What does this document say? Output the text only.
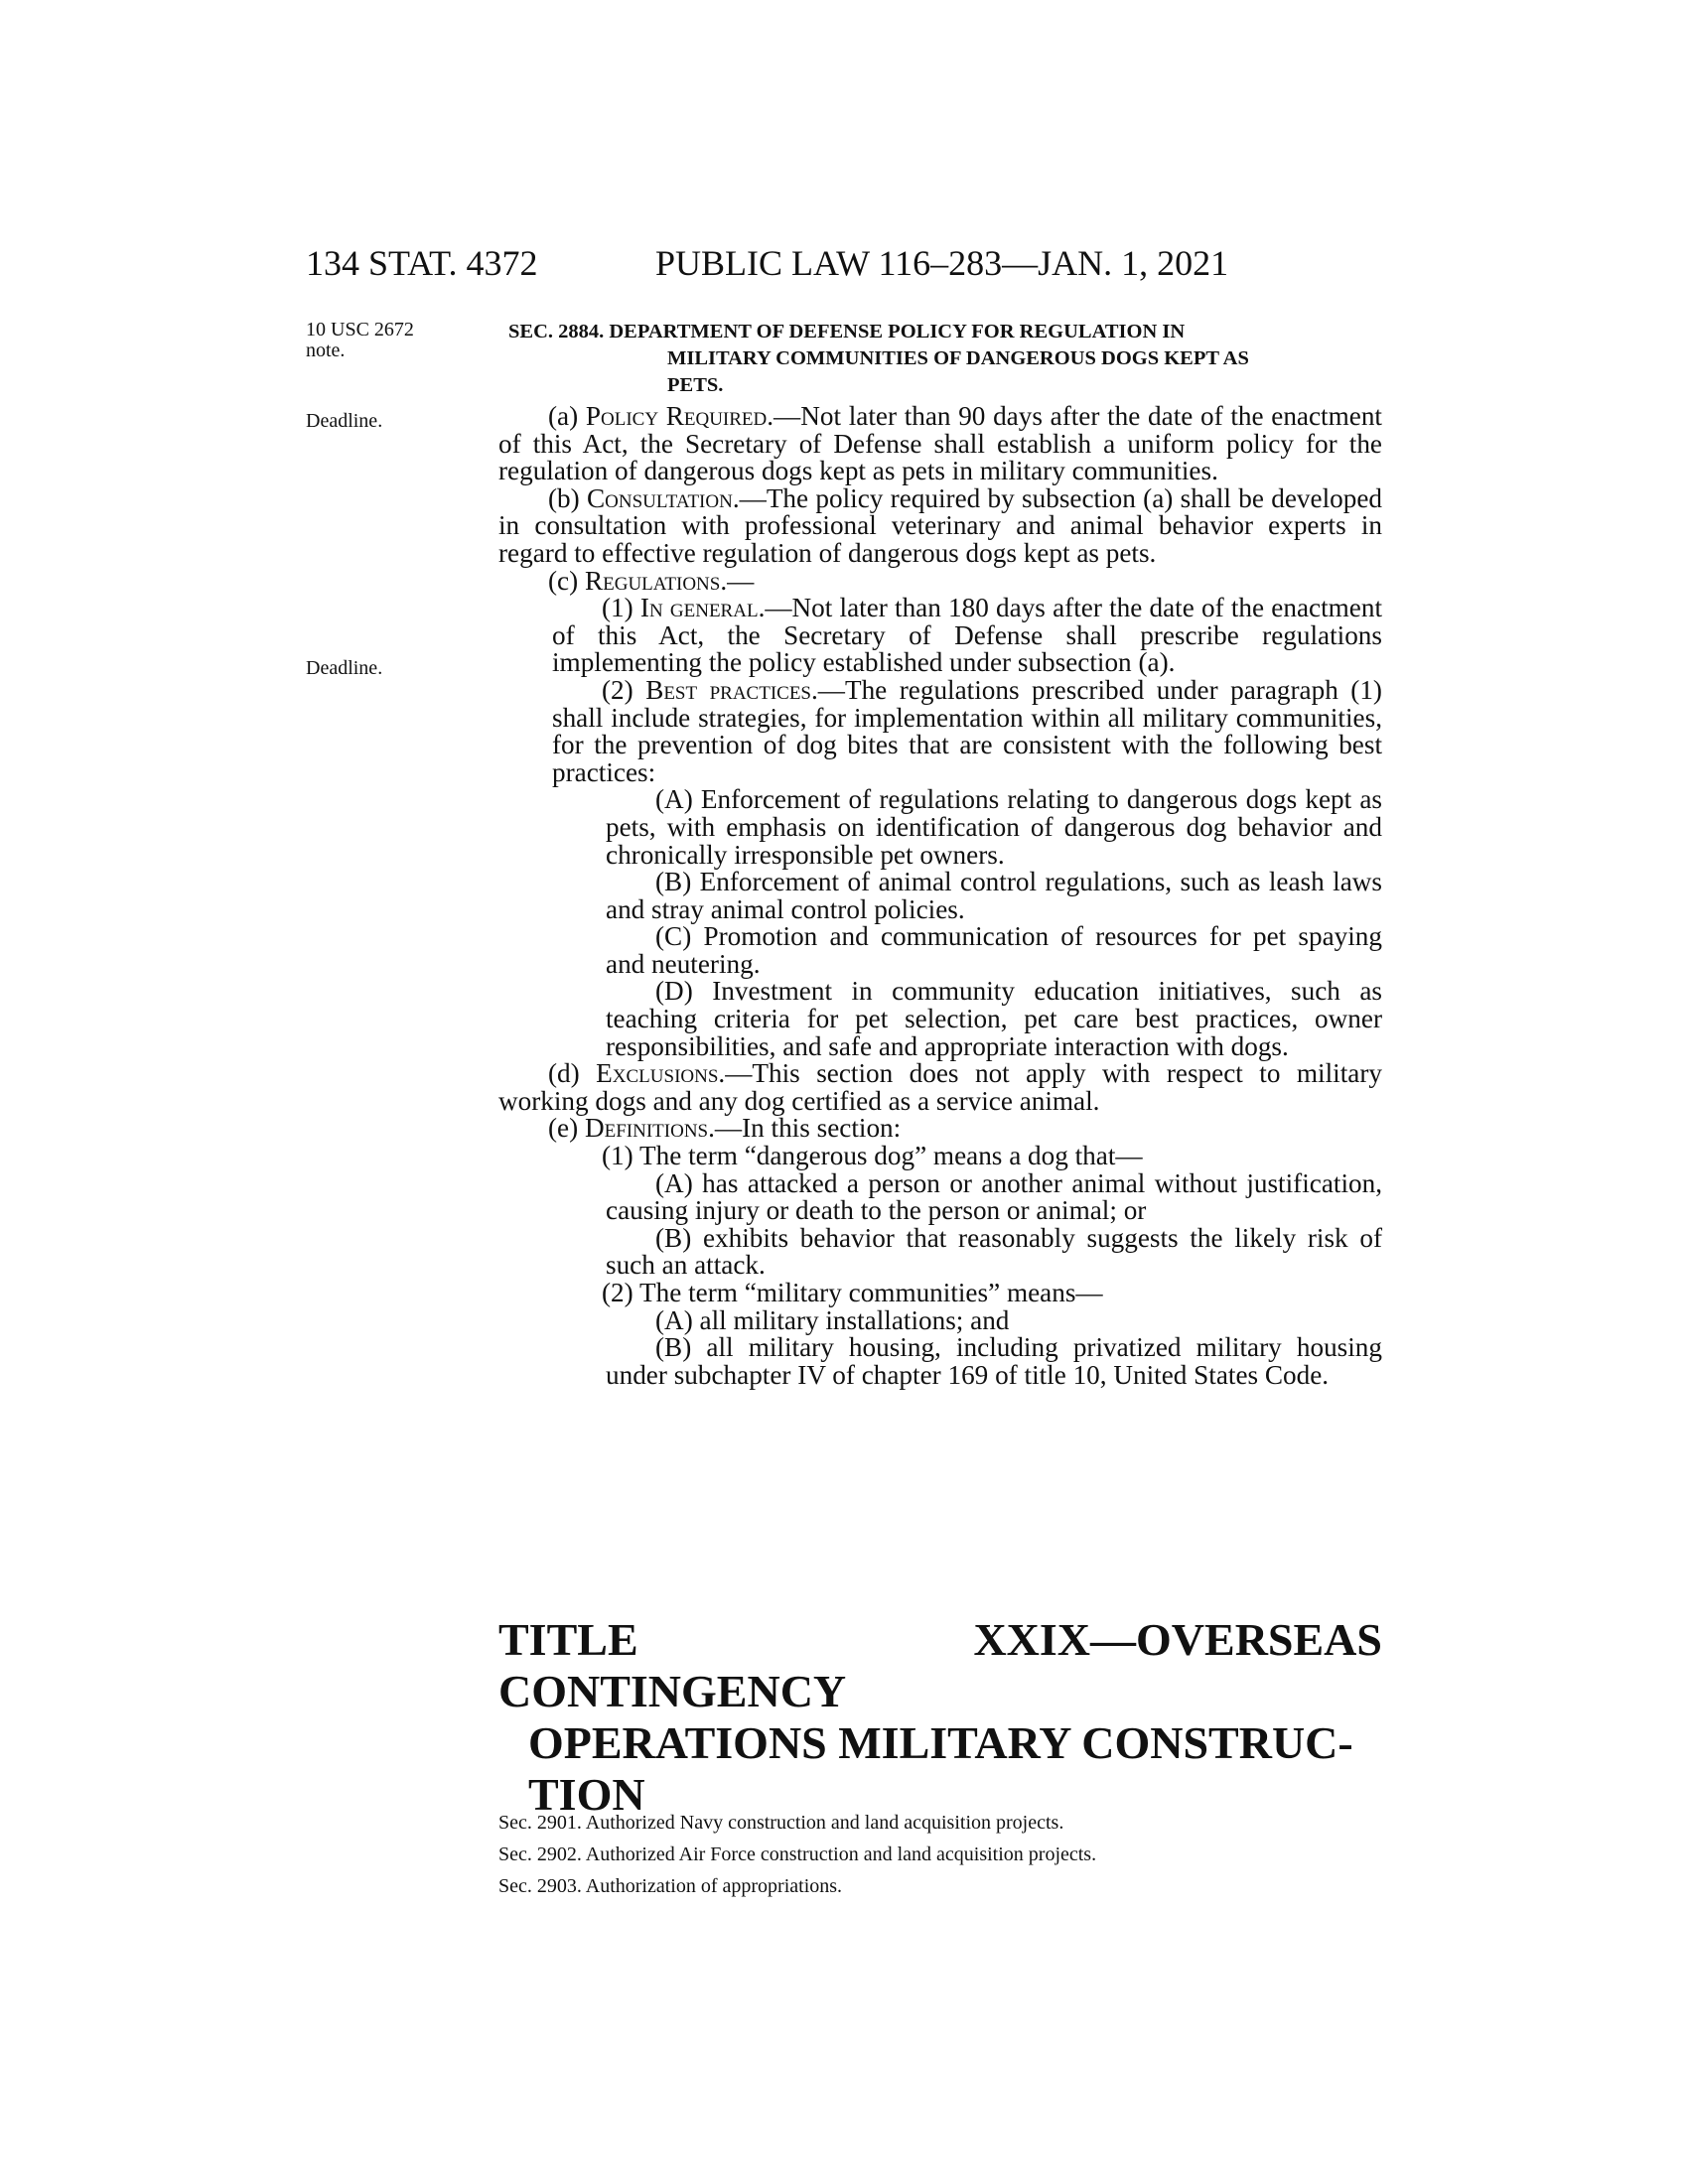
134 STAT. 4372	PUBLIC LAW 116–283—JAN. 1, 2021
10 USC 2672
note.
Deadline.
Deadline.
SEC. 2884. DEPARTMENT OF DEFENSE POLICY FOR REGULATION IN
MILITARY COMMUNITIES OF DANGEROUS DOGS KEPT AS
PETS.

(a) Policy Required.—Not later than 90 days after the date of the enactment of this Act, the Secretary of Defense shall establish a uniform policy for the regulation of dangerous dogs kept as pets in military communities.

(b) Consultation.—The policy required by subsection (a) shall be developed in consultation with professional veterinary and animal behavior experts in regard to effective regulation of dangerous dogs kept as pets.

(c) Regulations.—

(1) In general.—Not later than 180 days after the date of the enactment of this Act, the Secretary of Defense shall prescribe regulations implementing the policy established under subsection (a).

(2) Best practices.—The regulations prescribed under paragraph (1) shall include strategies, for implementation within all military communities, for the prevention of dog bites that are consistent with the following best practices:

(A) Enforcement of regulations relating to dangerous dogs kept as pets, with emphasis on identification of dangerous dog behavior and chronically irresponsible pet owners.

(B) Enforcement of animal control regulations, such as leash laws and stray animal control policies.

(C) Promotion and communication of resources for pet spaying and neutering.

(D) Investment in community education initiatives, such as teaching criteria for pet selection, pet care best practices, owner responsibilities, and safe and appropriate interaction with dogs.

(d) Exclusions.—This section does not apply with respect to military working dogs and any dog certified as a service animal.

(e) Definitions.—In this section:

(1) The term “dangerous dog” means a dog that—

(A) has attacked a person or another animal without justification, causing injury or death to the person or animal; or

(B) exhibits behavior that reasonably suggests the likely risk of such an attack.

(2) The term “military communities” means—

(A) all military installations; and

(B) all military housing, including privatized military housing under subchapter IV of chapter 169 of title 10, United States Code.

TITLE XXIX—OVERSEAS CONTINGENCY
OPERATIONS MILITARY CONSTRUC-
TION
Sec. 2901. Authorized Navy construction and land acquisition projects.
Sec. 2902. Authorized Air Force construction and land acquisition projects.
Sec. 2903. Authorization of appropriations.
